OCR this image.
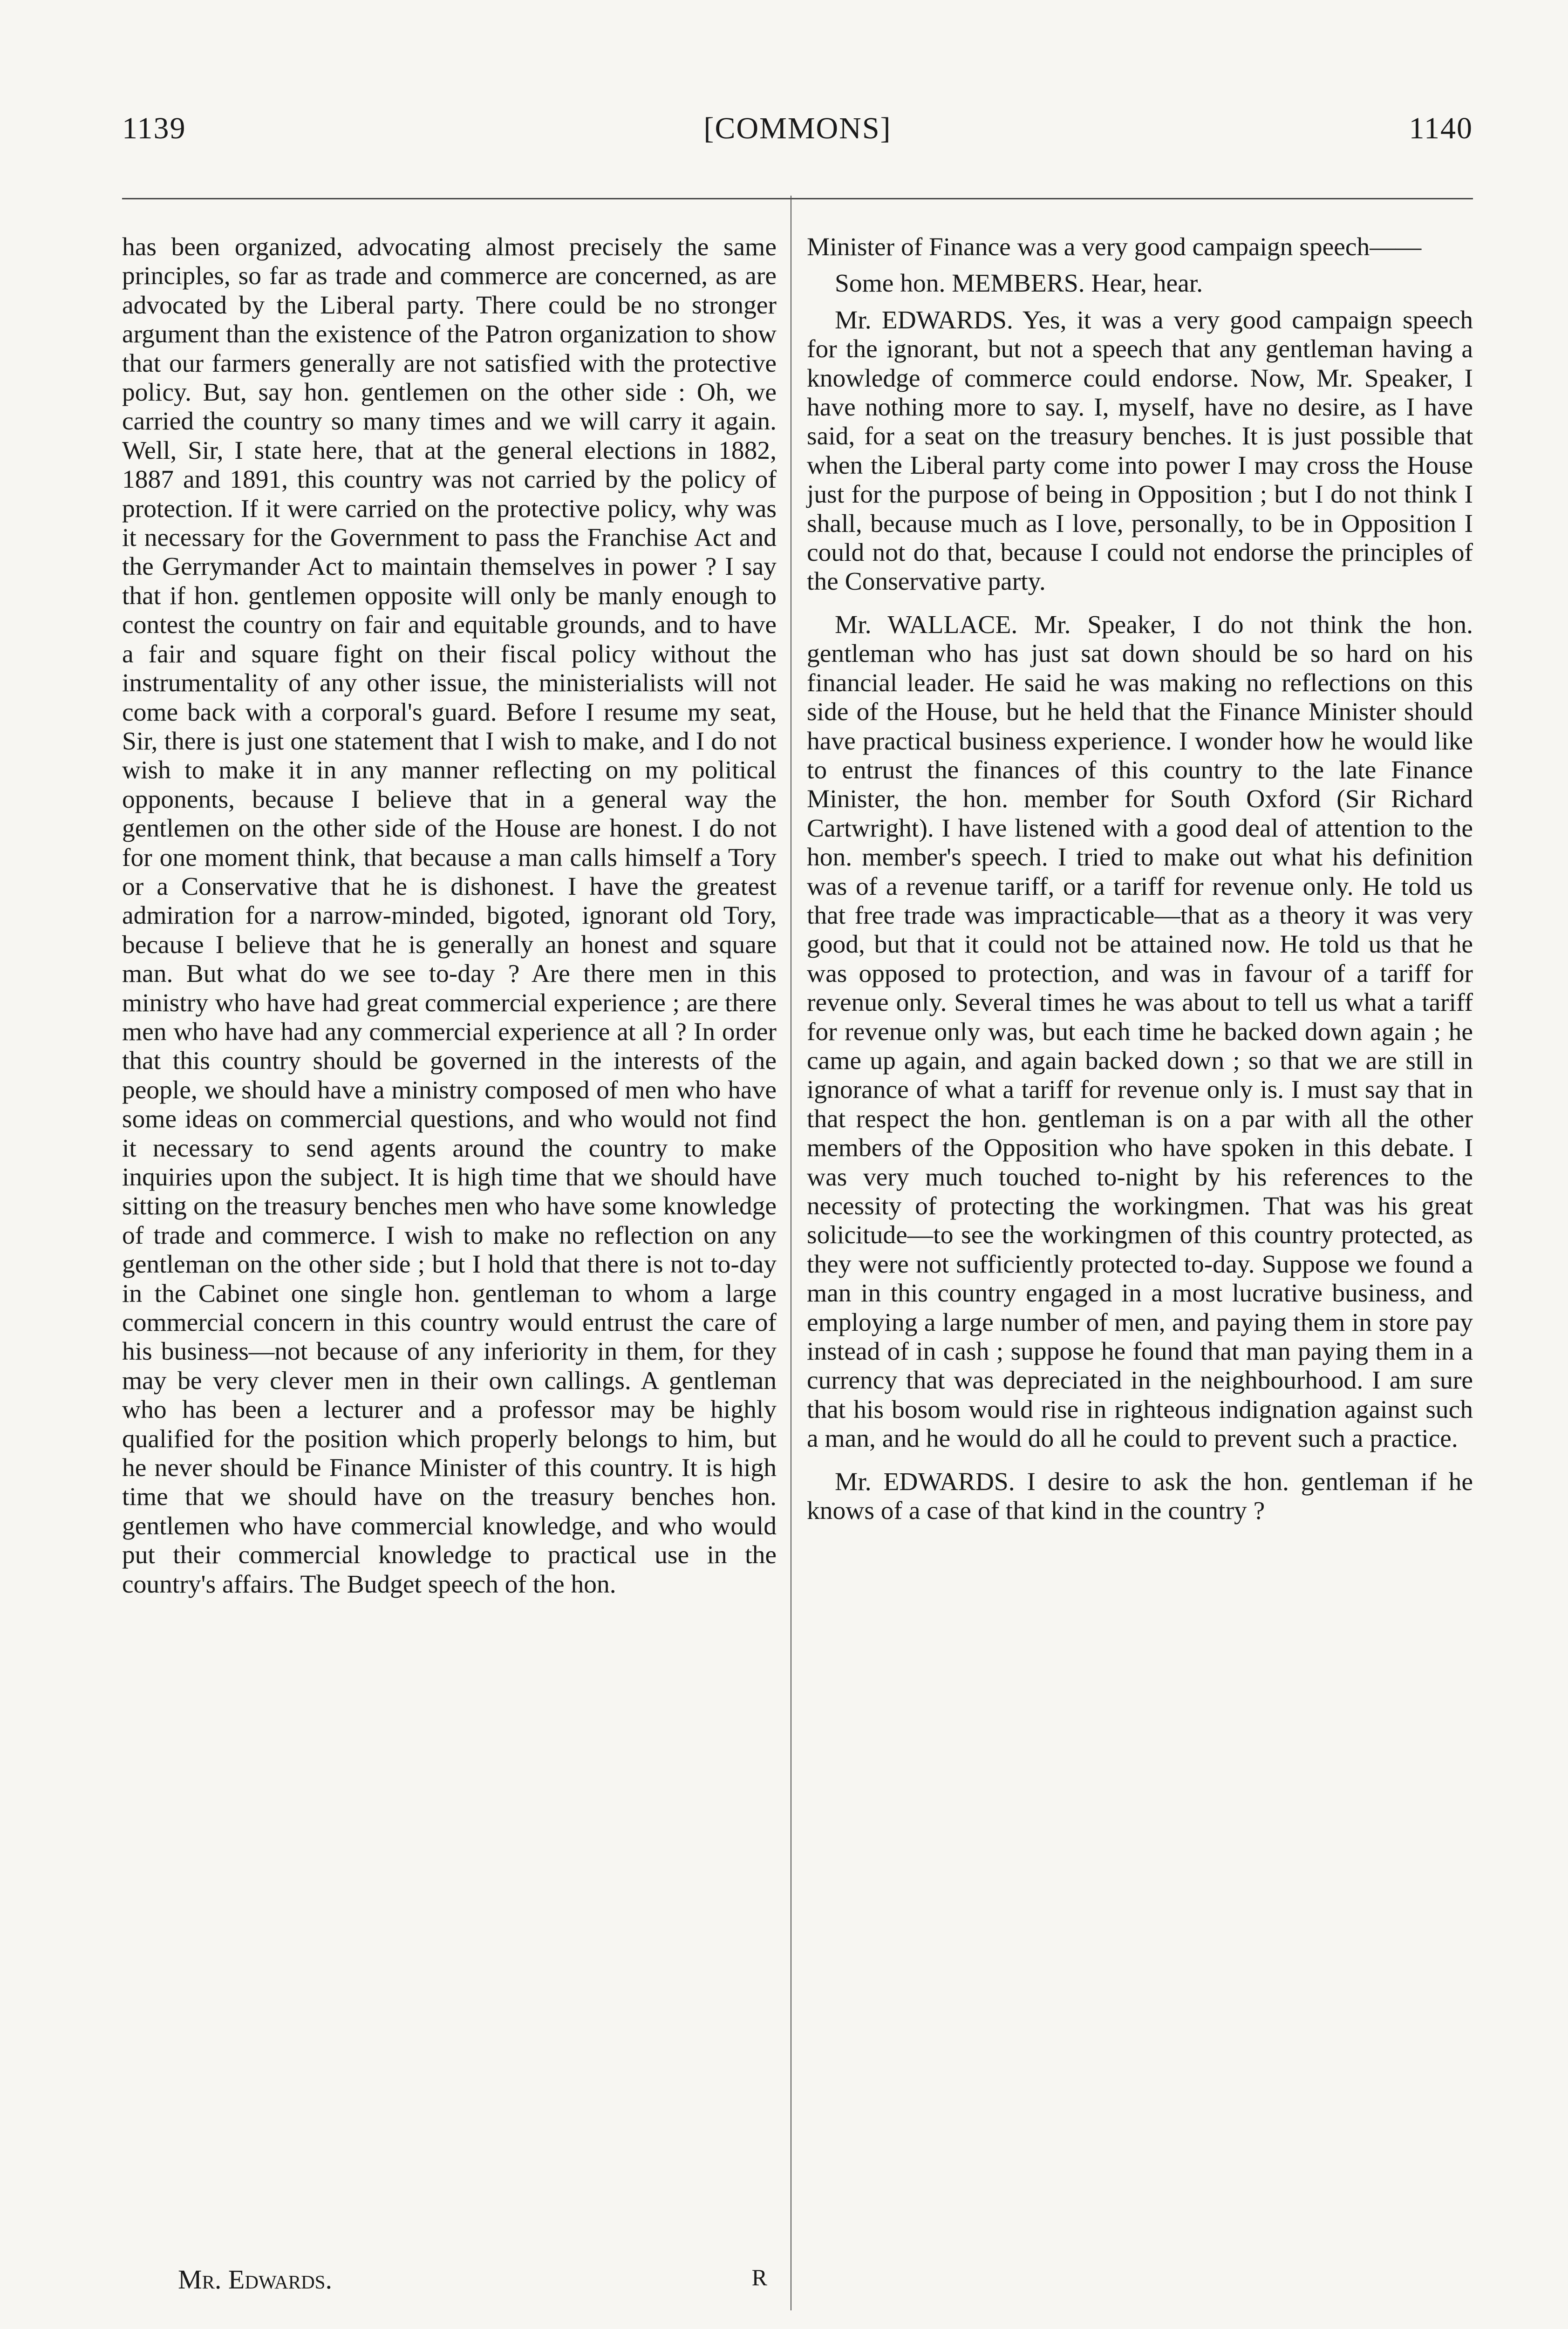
1139	[COMMONS]	1140

has been organized, advocating almost precisely the same principles, so far as trade and commerce are concerned, as are advocated by the Liberal party. There could be no stronger argument than the existence of the Patron organization to show that our farmers generally are not satisfied with the protective policy. But, say hon. gentlemen on the other side : Oh, we carried the country so many times and we will carry it again. Well, Sir, I state here, that at the general elections in 1882, 1887 and 1891, this country was not carried by the policy of protection. If it were carried on the protective policy, why was it necessary for the Government to pass the Franchise Act and the Gerrymander Act to maintain themselves in power ? I say that if hon. gentlemen opposite will only be manly enough to contest the country on fair and equitable grounds, and to have a fair and square fight on their fiscal policy without the instrumentality of any other issue, the ministerialists will not come back with a corporal's guard. Before I resume my seat, Sir, there is just one statement that I wish to make, and I do not wish to make it in any manner reflecting on my political opponents, because I believe that in a general way the gentlemen on the other side of the House are honest. I do not for one moment think, that because a man calls himself a Tory or a Conservative that he is dishonest. I have the greatest admiration for a narrow-minded, bigoted, ignorant old Tory, because I believe that he is generally an honest and square man. But what do we see to-day ? Are there men in this ministry who have had great commercial experience ; are there men who have had any commercial experience at all ? In order that this country should be governed in the interests of the people, we should have a ministry composed of men who have some ideas on commercial questions, and who would not find it necessary to send agents around the country to make inquiries upon the subject. It is high time that we should have sitting on the treasury benches men who have some knowledge of trade and commerce. I wish to make no reflection on any gentleman on the other side ; but I hold that there is not to-day in the Cabinet one single hon. gentleman to whom a large commercial concern in this country would entrust the care of his business—not because of any inferiority in them, for they may be very clever men in their own callings. A gentleman who has been a lecturer and a professor may be highly qualified for the position which properly belongs to him, but he never should be Finance Minister of this country. It is high time that we should have on the treasury benches hon. gentlemen who have commercial knowledge, and who would put their commercial knowledge to practical use in the country's affairs. The Budget speech of the hon.

Minister of Finance was a very good campaign speech——

Some hon. MEMBERS. Hear, hear.

Mr. EDWARDS. Yes, it was a very good campaign speech for the ignorant, but not a speech that any gentleman having a knowledge of commerce could endorse. Now, Mr. Speaker, I have nothing more to say. I, myself, have no desire, as I have said, for a seat on the treasury benches. It is just possible that when the Liberal party come into power I may cross the House just for the purpose of being in Opposition ; but I do not think I shall, because much as I love, personally, to be in Opposition I could not do that, because I could not endorse the principles of the Conservative party.

Mr. WALLACE. Mr. Speaker, I do not think the hon. gentleman who has just sat down should be so hard on his financial leader. He said he was making no reflections on this side of the House, but he held that the Finance Minister should have practical business experience. I wonder how he would like to entrust the finances of this country to the late Finance Minister, the hon. member for South Oxford (Sir Richard Cartwright). I have listened with a good deal of attention to the hon. member's speech. I tried to make out what his definition was of a revenue tariff, or a tariff for revenue only. He told us that free trade was impracticable—that as a theory it was very good, but that it could not be attained now. He told us that he was opposed to protection, and was in favour of a tariff for revenue only. Several times he was about to tell us what a tariff for revenue only was, but each time he backed down again ; he came up again, and again backed down ; so that we are still in ignorance of what a tariff for revenue only is. I must say that in that respect the hon. gentleman is on a par with all the other members of the Opposition who have spoken in this debate. I was very much touched to-night by his references to the necessity of protecting the workingmen. That was his great solicitude—to see the workingmen of this country protected, as they were not sufficiently protected to-day. Suppose we found a man in this country engaged in a most lucrative business, and employing a large number of men, and paying them in store pay instead of in cash ; suppose he found that man paying them in a currency that was depreciated in the neighbourhood. I am sure that his bosom would rise in righteous indignation against such a man, and he would do all he could to prevent such a practice.

Mr. EDWARDS. I desire to ask the hon. gentleman if he knows of a case of that kind in the country ?

Mr. Edwards.	R
